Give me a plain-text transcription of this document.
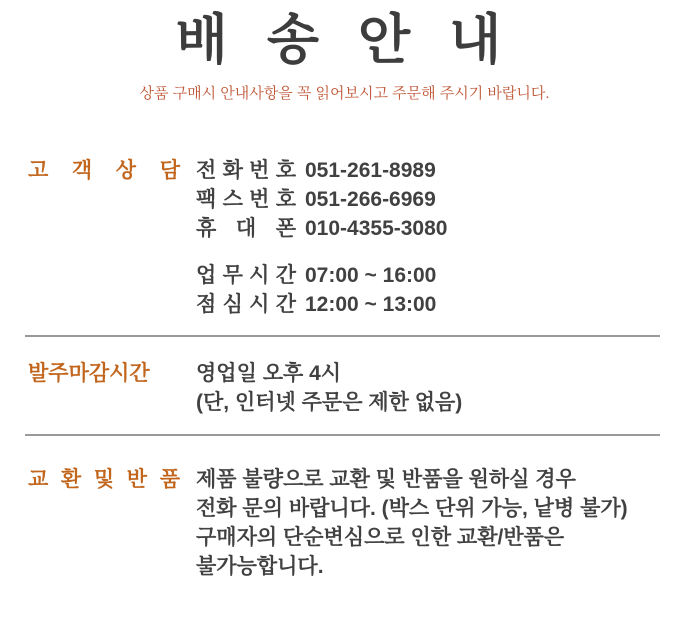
배 송 안 내
상품 구매시 안내사항을 꼭 읽어보시고 주문해 주시기 바랍니다.
고 객 상 담 전 화 번 호 051-261-8989
팩 스 번 호 051-266-6969
휴 대 폰 010-4355-3080
업 무 시 간 07:00 ~ 16:00
점 심 시 간 12:00 ~ 13:00
발주마감시간	영업일 오후 4시
(단, 인터넷 주문은 제한 없음)
교 환 및 반 품 제품 불량으로 교환 및 반품을 원하실 경우
전화 문의 바랍니다. (박스 단위 가능, 낱병 불가)
구매자의 단순변심으로 인한 교환/반품은
불가능합니다.
